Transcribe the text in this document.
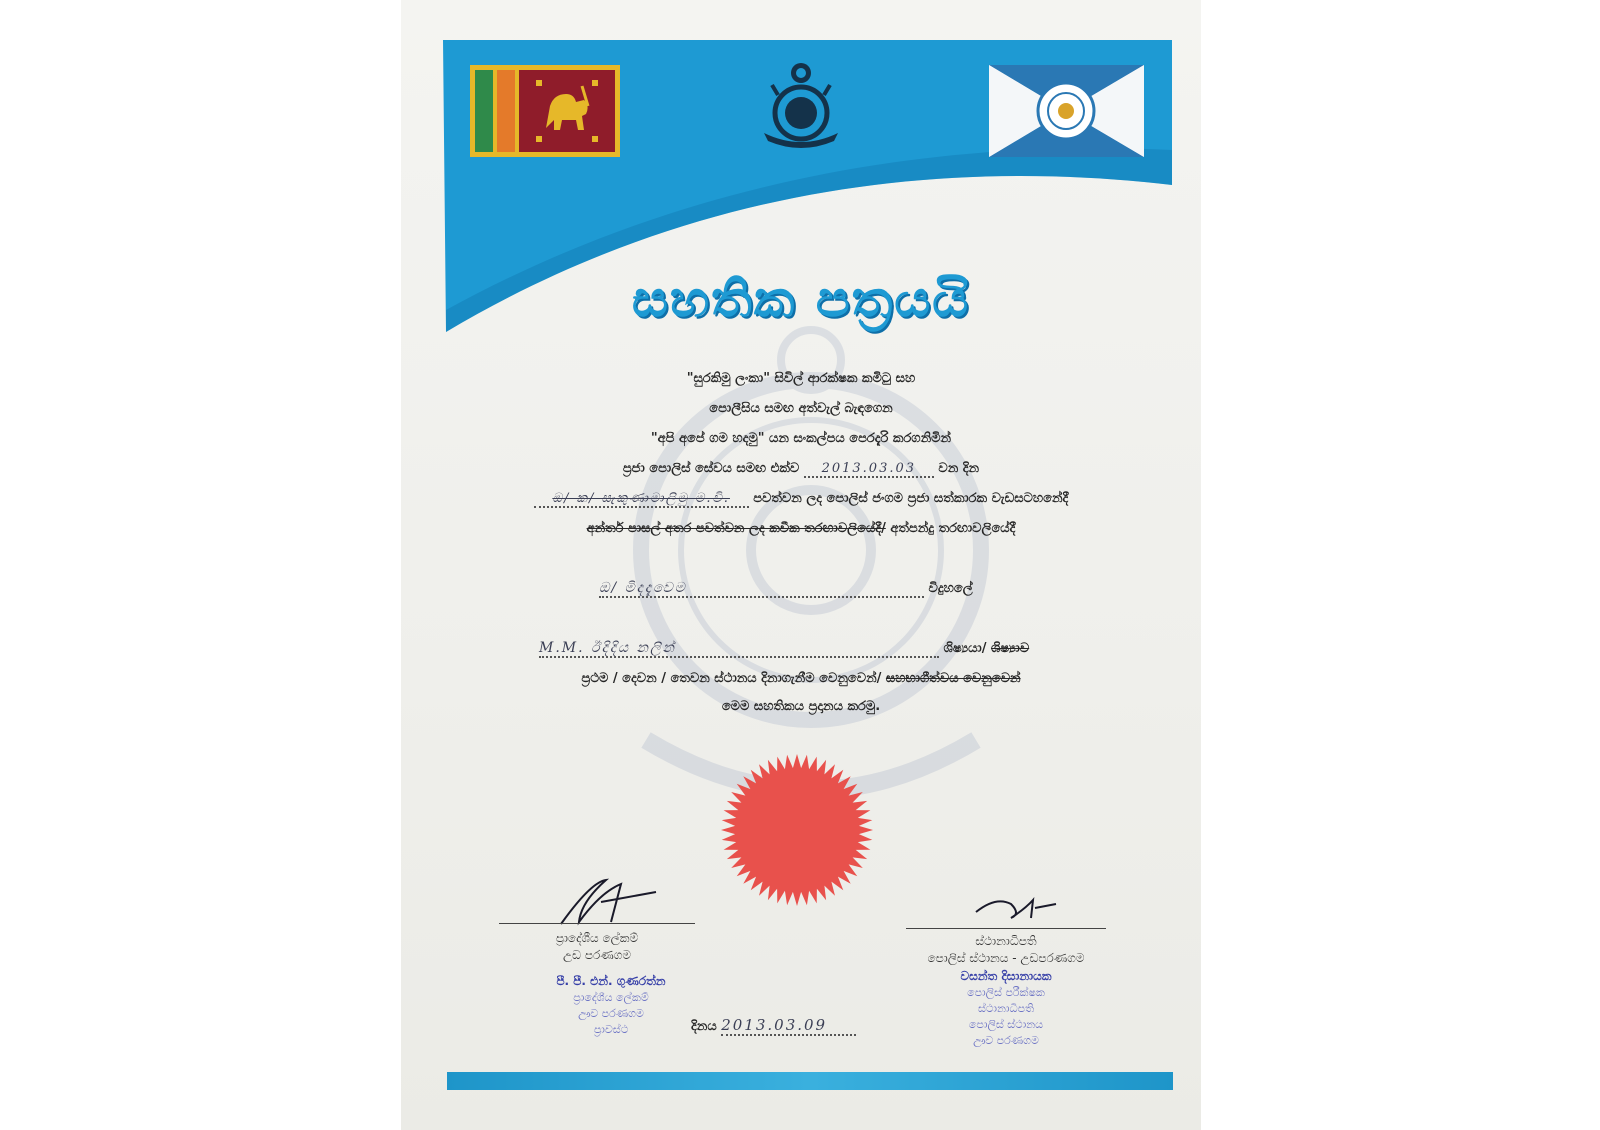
සහතික පත්‍රයයි
"සුරකිමු ලංකා" සිවිල් ආරක්ෂක කමිටු සහ
පොලීසිය සමඟ අත්වැල් බැඳගෙන
"අපි අපේ ගම හදමු" යන සංකල්පය පෙරදැරි කරගනිමින්
ප්‍රජා පොලිස් සේවය සමඟ එක්ව 2013.03.03 වන දින
ඔ/ ක/ සැකුණාමාලිමු ම.වි. පවත්වන ලද පොලිස් ජංගම ප්‍රජා සත්කාරක වැඩසටහනේදී
අන්තර් පාසල් අතර පවත්වන ලද කවීක තරඟාවලියේදී/ අත්පන්දු තරඟාවලියේදී
ඔ/ මිදදැ‍වෙම	විදුහලේ
M.M. ඊදිදිය නලින්	ශිෂ්‍යයා/ ශිෂ්‍යාව
ප්‍රථම / දෙවන / තෙවන ස්ථානය දිනාගැනීම වෙනුවෙන්/ සහභාගීත්වය වෙනුවෙන්
මෙම සහතිකය ප්‍රදානය කරමු.
ප්‍රාදේශීය ලේකම්
උඩ පරණගම
පී. පී. එන්. ගුණරත්න
ප්‍රාදේශීය ලේකම්
ඌව පරණගම
ප්‍රාවස්ථ	දිනය 2013.03.09
ස්ථානාධිපති
පොලිස් ස්ථානය - උඩපරණගම
වසන්ත දිසානායක
පොලිස් පරීක්ෂක
ස්ථානාධිපති
පොලිස් ස්ථානය
ඌව පරණගම
